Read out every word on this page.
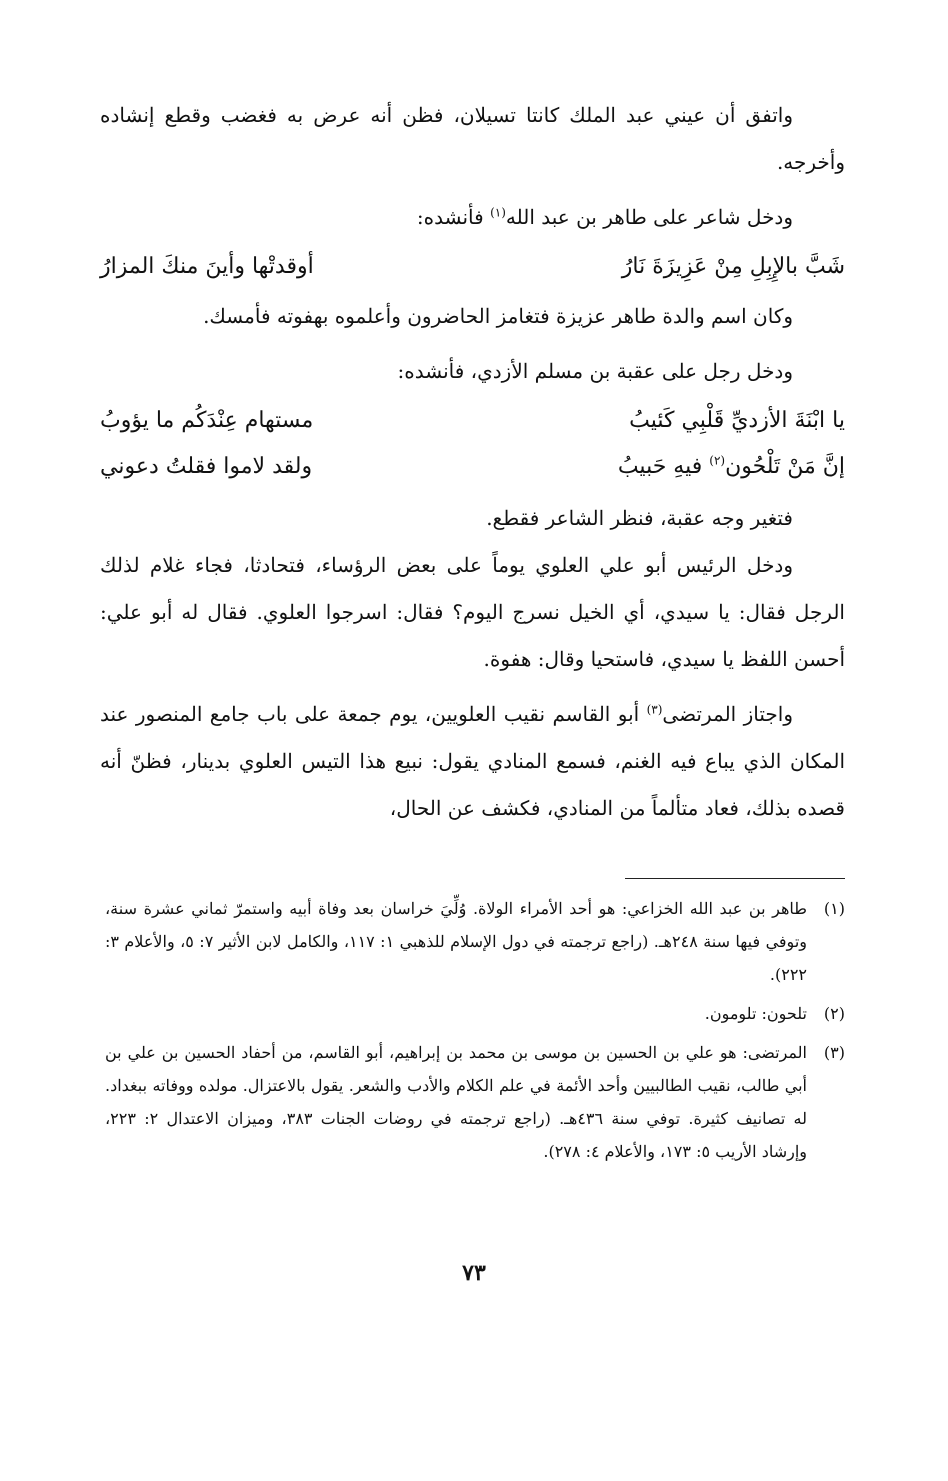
واتفق أن عيني عبد الملك كانتا تسيلان، فظن أنه عرض به فغضب وقطع إنشاده وأخرجه.

ودخل شاعر على طاهر بن عبد الله$^{(١)}$ فأنشده:

شَبَّ بالإِبِلِ مِنْ عَزِيزَةَ نَارُ
أوقدتْها وأينَ منكَ المزارُ

وكان اسم والدة طاهر عزيزة فتغامز الحاضرون وأعلموه بهفوته فأمسك.

ودخل رجل على عقبة بن مسلم الأزدي، فأنشده:

يا ابْنَةَ الأزديِّ قَلْبِي كَئيبُ
مستهام عِنْدَكُم ما يؤوبُ
إنَّ مَنْ تَلْحُون$^{(٢)}$ فيهِ حَبيبُ
ولقد لاموا فقلتُ دعوني

فتغير وجه عقبة، فنظر الشاعر فقطع.

ودخل الرئيس أبو علي العلوي يوماً على بعض الرؤساء، فتحادثا، فجاء غلام لذلك الرجل فقال: يا سيدي، أي الخيل نسرج اليوم؟ فقال: اسرجوا العلوي. فقال له أبو علي: أحسن اللفظ يا سيدي، فاستحيا وقال: هفوة.

واجتاز المرتضى$^{(٣)}$ أبو القاسم نقيب العلويين، يوم جمعة على باب جامع المنصور عند المكان الذي يباع فيه الغنم، فسمع المنادي يقول: نبيع هذا التيس العلوي بدينار، فظنّ أنه قصده بذلك، فعاد متألماً من المنادي، فكشف عن الحال،

(١)
طاهر بن عبد الله الخزاعي: هو أحد الأمراء الولاة. وُلِّيَ خراسان بعد وفاة أبيه واستمرّ ثماني عشرة سنة، وتوفي فيها سنة ٢٤٨هـ. (راجع ترجمته في دول الإسلام للذهبي ١: ١١٧، والكامل لابن الأثير ٧: ٥، والأعلام ٣: ٢٢٢).
(٢)
تلحون: تلومون.
(٣)
المرتضى: هو علي بن الحسين بن موسى بن محمد بن إبراهيم، أبو القاسم، من أحفاد الحسين بن علي بن أبي طالب، نقيب الطالبيين وأحد الأئمة في علم الكلام والأدب والشعر. يقول بالاعتزال. مولده ووفاته ببغداد. له تصانيف كثيرة. توفي سنة ٤٣٦هـ. (راجع ترجمته في روضات الجنات ٣٨٣، وميزان الاعتدال ٢: ٢٢٣، وإرشاد الأريب ٥: ١٧٣، والأعلام ٤: ٢٧٨).
٧٣
